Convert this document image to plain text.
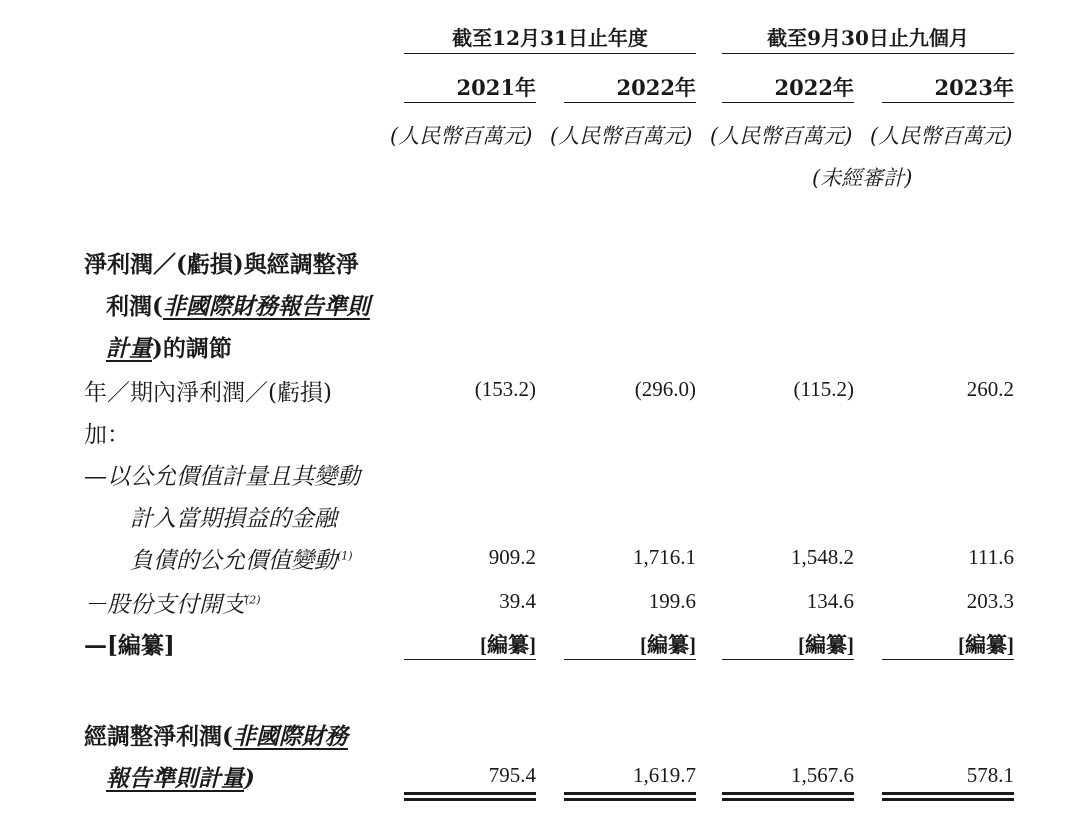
截至12月31日止年度	截至9月30日止九個月
2021年	2022年	2022年	2023年
(人民幣百萬元) (人民幣百萬元) (人民幣百萬元) (人民幣百萬元)
(未經審計)
淨利潤／(虧損)與經調整淨
利潤(非國際財務報告準則
計量)的調節
年／期內淨利潤／(虧損)	(153.2)	(296.0)	(115.2)	260.2
加：
—以公允價值計量且其變動
計入當期損益的金融
負債的公允價值變動$^{(1)}$	909.2	1,716.1	1,548.2	111.6
－股份支付開支$^{(2)}$	39.4	199.6	134.6	203.3
—[編纂]	[編纂]	[編纂]	[編纂]	[編纂]
經調整淨利潤(非國際財務
報告準則計量)	795.4	1,619.7	1,567.6	578.1
